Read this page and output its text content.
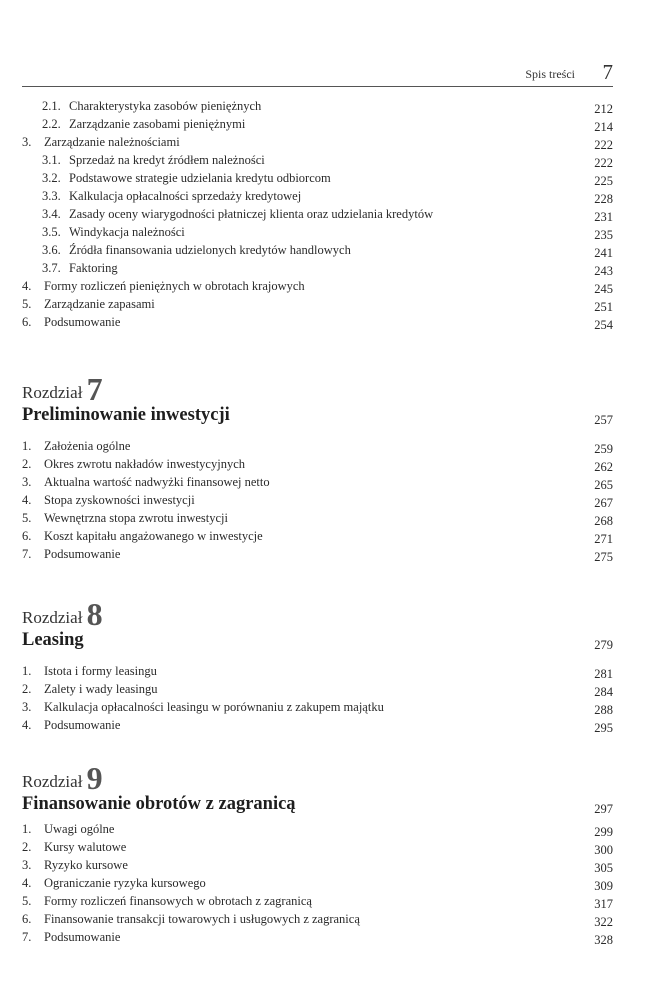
Spis treści 7
2.1. Charakterystyka zasobów pieniężnych	212
2.2. Zarządzanie zasobami pieniężnymi	214
3. Zarządzanie należnościami	222
3.1. Sprzedaż na kredyt źródłem należności	222
3.2. Podstawowe strategie udzielania kredytu odbiorcom	225
3.3. Kalkulacja opłacalności sprzedaży kredytowej	228
3.4. Zasady oceny wiarygodności płatniczej klienta oraz udzielania kredytów	231
3.5. Windykacja należności	235
3.6. Źródła finansowania udzielonych kredytów handlowych	241
3.7. Faktoring	243
4. Formy rozliczeń pieniężnych w obrotach krajowych	245
5. Zarządzanie zapasami	251
6. Podsumowanie	254
Rozdział 7
Preliminowanie inwestycji	257
1. Założenia ogólne	259
2. Okres zwrotu nakładów inwestycyjnych	262
3. Aktualna wartość nadwyżki finansowej netto	265
4. Stopa zyskowności inwestycji	267
5. Wewnętrzna stopa zwrotu inwestycji	268
6. Koszt kapitału angażowanego w inwestycje	271
7. Podsumowanie	275
Rozdział 8
Leasing	279
1. Istota i formy leasingu	281
2. Zalety i wady leasingu	284
3. Kalkulacja opłacalności leasingu w porównaniu z zakupem majątku	288
4. Podsumowanie	295
Rozdział 9
Finansowanie obrotów z zagranicą	297
1. Uwagi ogólne	299
2. Kursy walutowe	300
3. Ryzyko kursowe	305
4. Ograniczanie ryzyka kursowego	309
5. Formy rozliczeń finansowych w obrotach z zagranicą	317
6. Finansowanie transakcji towarowych i usługowych z zagranicą	322
7. Podsumowanie	328
